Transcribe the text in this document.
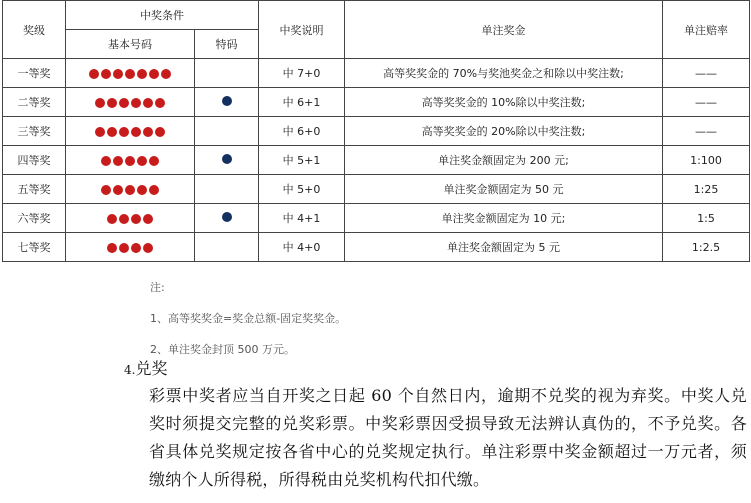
奖级	中奖条件		中奖说明	单注奖金	单注赔率
	基本号码	特码			
一等奖			中 7+0	高等奖奖金的 70%与奖池奖金之和除以中奖注数;	——
二等奖			中 6+1	高等奖奖金的 10%除以中奖注数;	——
三等奖			中 6+0	高等奖奖金的 20%除以中奖注数;	——
四等奖			中 5+1	单注奖金额固定为 200 元;	1:100
五等奖			中 5+0	单注奖金额固定为 50 元	1:25
六等奖			中 4+1	单注奖金额固定为 10 元;	1:5
七等奖			中 4+0	单注奖金额固定为 5 元	1:2.5

注:

1、高等奖奖金=奖金总额-固定奖奖金。

2、单注奖金封顶 500 万元。

4.兑奖
彩票中奖者应当自开奖之日起 60 个自然日内，逾期不兑奖的视为弃奖。中奖人兑奖时须提交完整的兑奖彩票。中奖彩票因受损导致无法辨认真伪的，不予兑奖。各省具体兑奖规定按各省中心的兑奖规定执行。单注彩票中奖金额超过一万元者，须缴纳个人所得税，所得税由兑奖机构代扣代缴。
